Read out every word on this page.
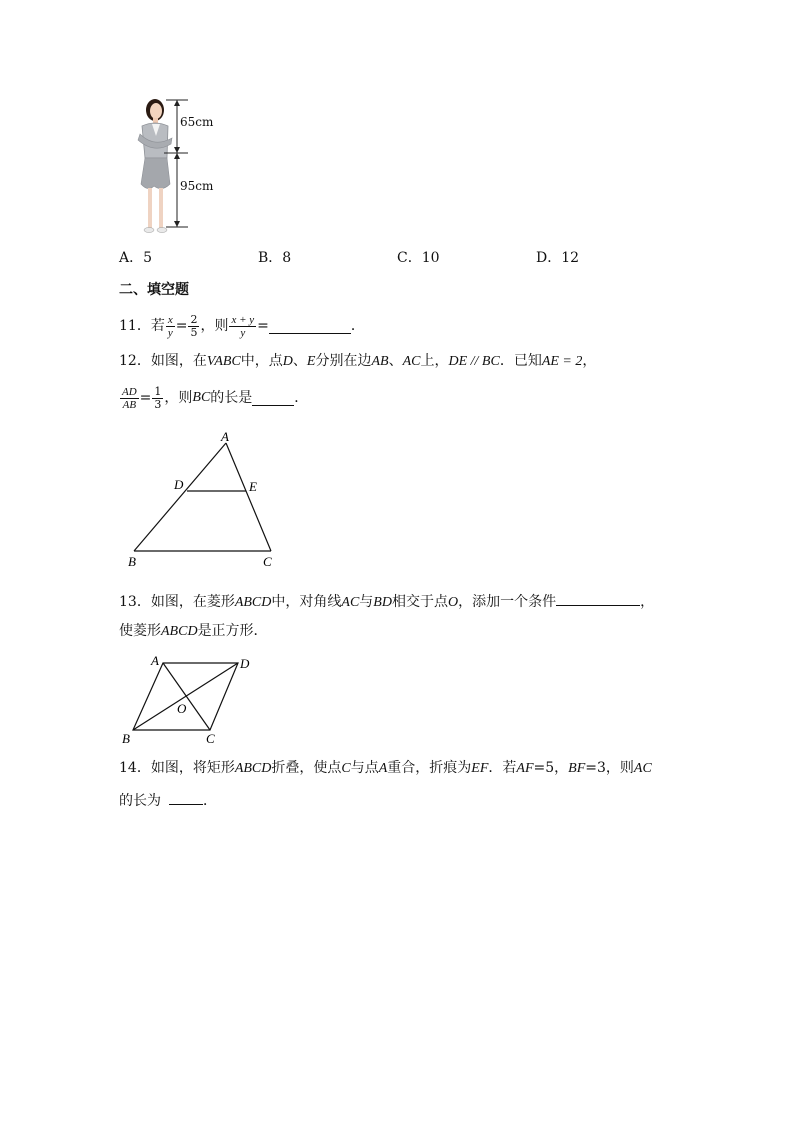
65cm
95cm
A．5	B．8	C．10	D．12
二、填空题
11．若 $\frac{x}{y} = \frac{2}{5}$ ，则 $\frac{x + y}{y}$ =	．
12．如图，在VABC中，点D、E分别在边AB、AC上，DE // BC．已知AE = 2，
$\frac{AD}{AB} = \frac{1}{3}$ ，则 BC 的长是	．
A
D	E
B	C
13．如图，在菱形 ABCD 中，对角线 AC 与 BD 相交于点 O ，添加一个条件	，
使菱形ABCD是正方形．
A	D
O
B	C
14．如图，将矩形ABCD折叠，使点C与点A重合，折痕为EF．若AF=5，BF=3，则AC
的长为	．
